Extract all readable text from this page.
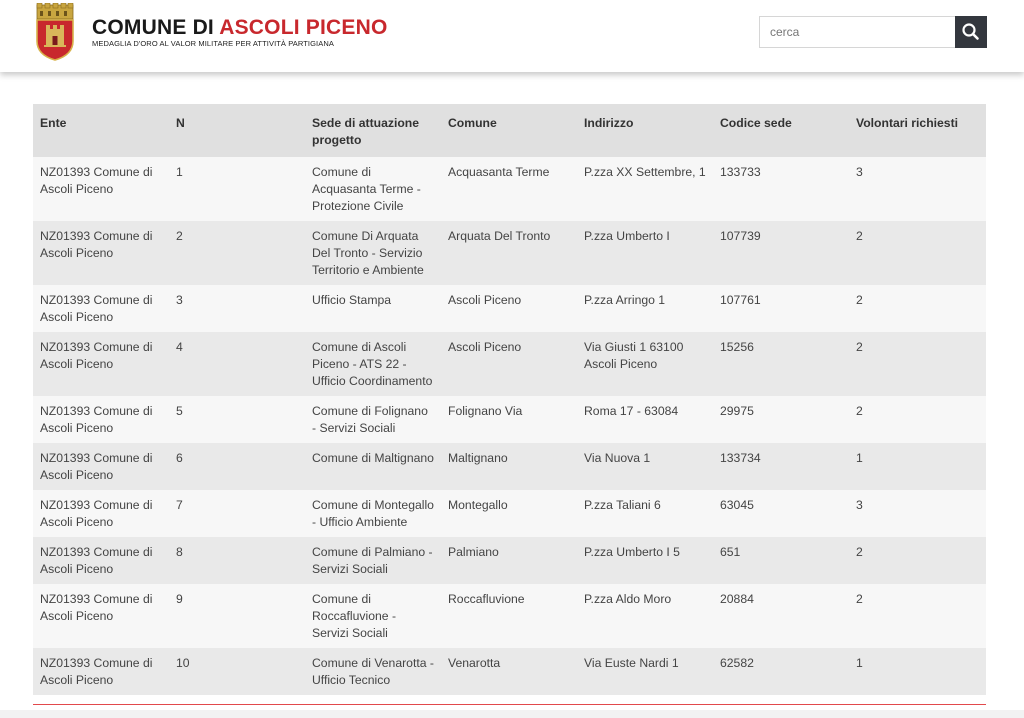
COMUNE DI ASCOLI PICENO
MEDAGLIA D'ORO AL VALOR MILITARE PER ATTIVITÀ PARTIGIANA
cerca
Ente	N	Sede di attuazione progetto	Comune	Indirizzo	Codice sede	Volontari richiesti
NZ01393 Comune di Ascoli Piceno	1	Comune di Acquasanta Terme - Protezione Civile	Acquasanta Terme	P.zza XX Settembre, 1	133733	3
NZ01393 Comune di Ascoli Piceno	2	Comune Di Arquata Del Tronto - Servizio Territorio e Ambiente	Arquata Del Tronto	P.zza Umberto I	107739	2
NZ01393 Comune di Ascoli Piceno	3	Ufficio Stampa	Ascoli Piceno	P.zza Arringo 1	107761	2
NZ01393 Comune di Ascoli Piceno	4	Comune di Ascoli Piceno - ATS 22 - Ufficio Coordinamento	Ascoli Piceno	Via Giusti 1 63100 Ascoli Piceno	15256	2
NZ01393 Comune di Ascoli Piceno	5	Comune di Folignano - Servizi Sociali	Folignano Via	Roma 17 - 63084	29975	2
NZ01393 Comune di Ascoli Piceno	6	Comune di Maltignano	Maltignano	Via Nuova 1	133734	1
NZ01393 Comune di Ascoli Piceno	7	Comune di Montegallo - Ufficio Ambiente	Montegallo	P.zza Taliani 6	63045	3
NZ01393 Comune di Ascoli Piceno	8	Comune di Palmiano - Servizi Sociali	Palmiano	P.zza Umberto I 5	651	2
NZ01393 Comune di Ascoli Piceno	9	Comune di Roccafluvione - Servizi Sociali	Roccafluvione	P.zza Aldo Moro	20884	2
NZ01393 Comune di Ascoli Piceno	10	Comune di Venarotta - Ufficio Tecnico	Venarotta	Via Euste Nardi 1	62582	1
